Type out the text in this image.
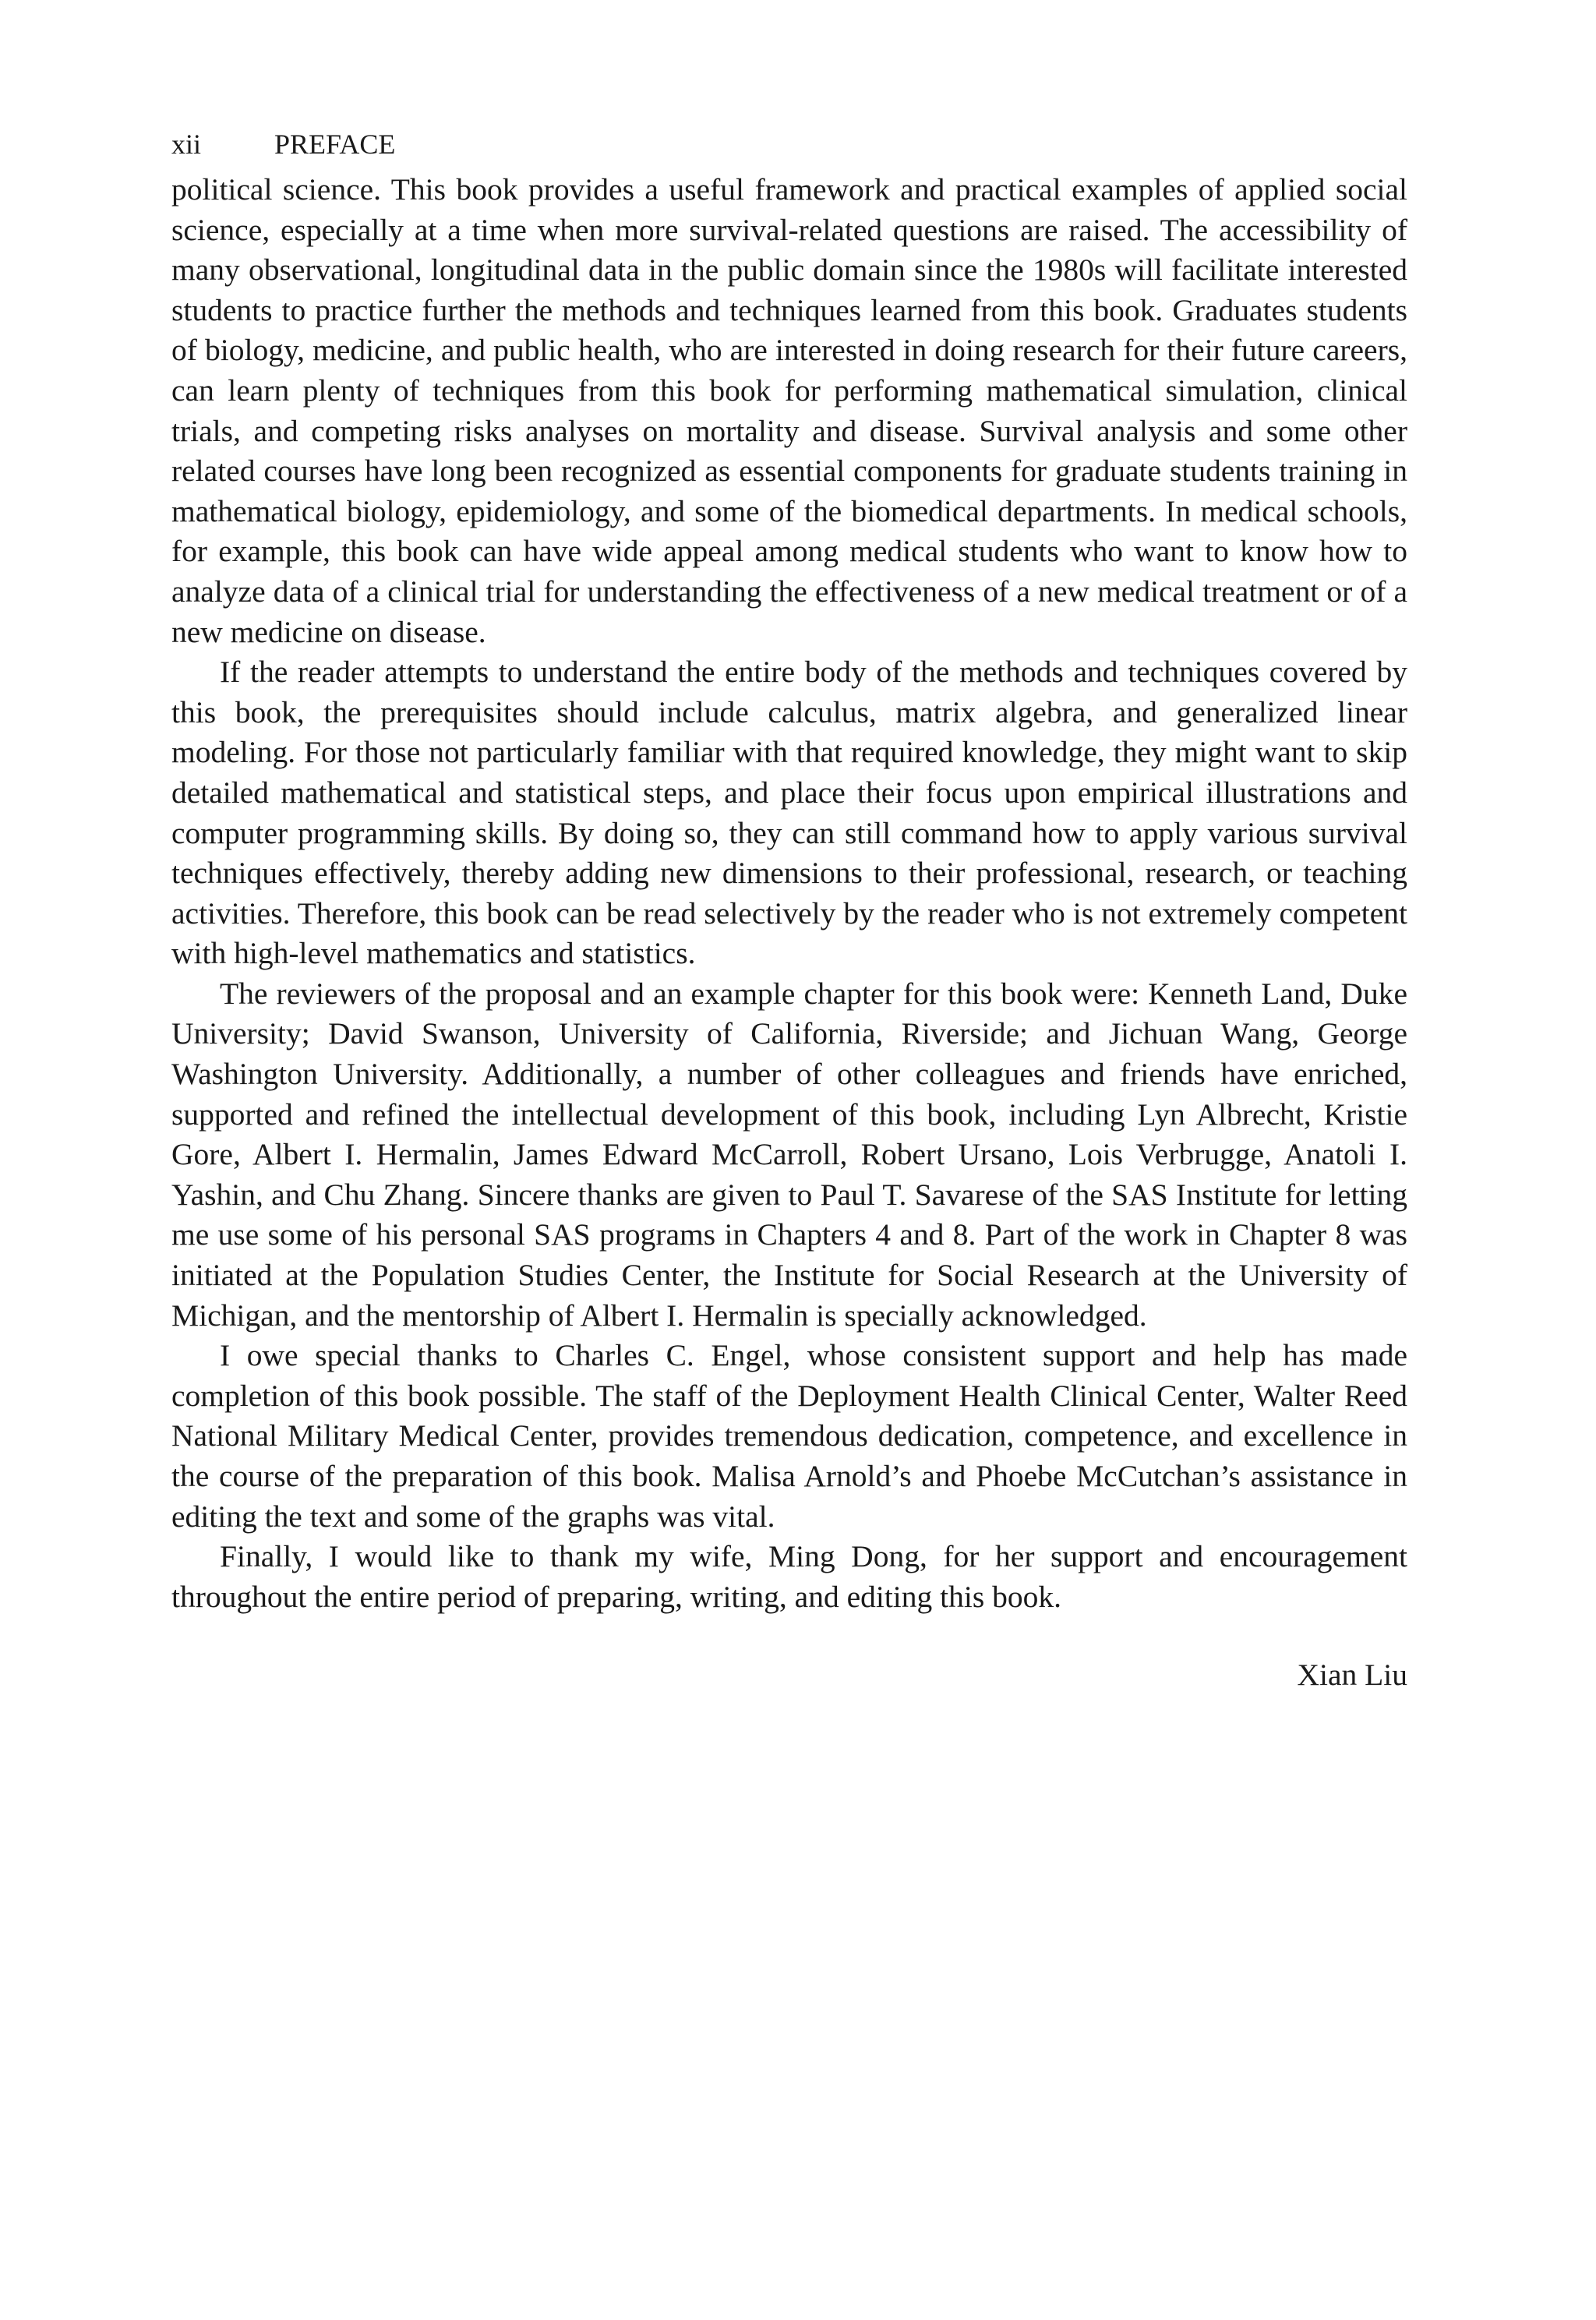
xii	PREFACE

political science. This book provides a useful framework and practical examples of applied social science, especially at a time when more survival-related questions are raised. The accessibility of many observational, longitudinal data in the public domain since the 1980s will facilitate interested students to practice further the methods and techniques learned from this book. Graduates students of biology, medicine, and public health, who are interested in doing research for their future careers, can learn plenty of techniques from this book for performing mathematical simulation, clinical trials, and competing risks analyses on mortality and disease. Survival analysis and some other related courses have long been recognized as essential components for graduate students training in mathematical biology, epidemiology, and some of the biomedical departments. In medical schools, for example, this book can have wide appeal among medical students who want to know how to analyze data of a clinical trial for understanding the effectiveness of a new medical treatment or of a new medicine on disease.

If the reader attempts to understand the entire body of the methods and techniques covered by this book, the prerequisites should include calculus, matrix algebra, and generalized linear modeling. For those not particularly familiar with that required knowledge, they might want to skip detailed mathematical and statistical steps, and place their focus upon empirical illustrations and computer programming skills. By doing so, they can still command how to apply various survival techniques effectively, thereby adding new dimensions to their professional, research, or teaching activities. Therefore, this book can be read selectively by the reader who is not extremely competent with high-level mathematics and statistics.

The reviewers of the proposal and an example chapter for this book were: Kenneth Land, Duke University; David Swanson, University of California, Riverside; and Jichuan Wang, George Washington University. Additionally, a number of other colleagues and friends have enriched, supported and refined the intellectual development of this book, including Lyn Albrecht, Kristie Gore, Albert I. Hermalin, James Edward McCarroll, Robert Ursano, Lois Verbrugge, Anatoli I. Yashin, and Chu Zhang. Sincere thanks are given to Paul T. Savarese of the SAS Institute for letting me use some of his personal SAS programs in Chapters 4 and 8. Part of the work in Chapter 8 was initiated at the Population Studies Center, the Institute for Social Research at the University of Michigan, and the mentorship of Albert I. Hermalin is specially acknowledged.

I owe special thanks to Charles C. Engel, whose consistent support and help has made completion of this book possible. The staff of the Deployment Health Clinical Center, Walter Reed National Military Medical Center, provides tremendous dedication, competence, and excellence in the course of the preparation of this book. Malisa Arnold’s and Phoebe McCutchan’s assistance in editing the text and some of the graphs was vital.

Finally, I would like to thank my wife, Ming Dong, for her support and encouragement throughout the entire period of preparing, writing, and editing this book.

Xian Liu
